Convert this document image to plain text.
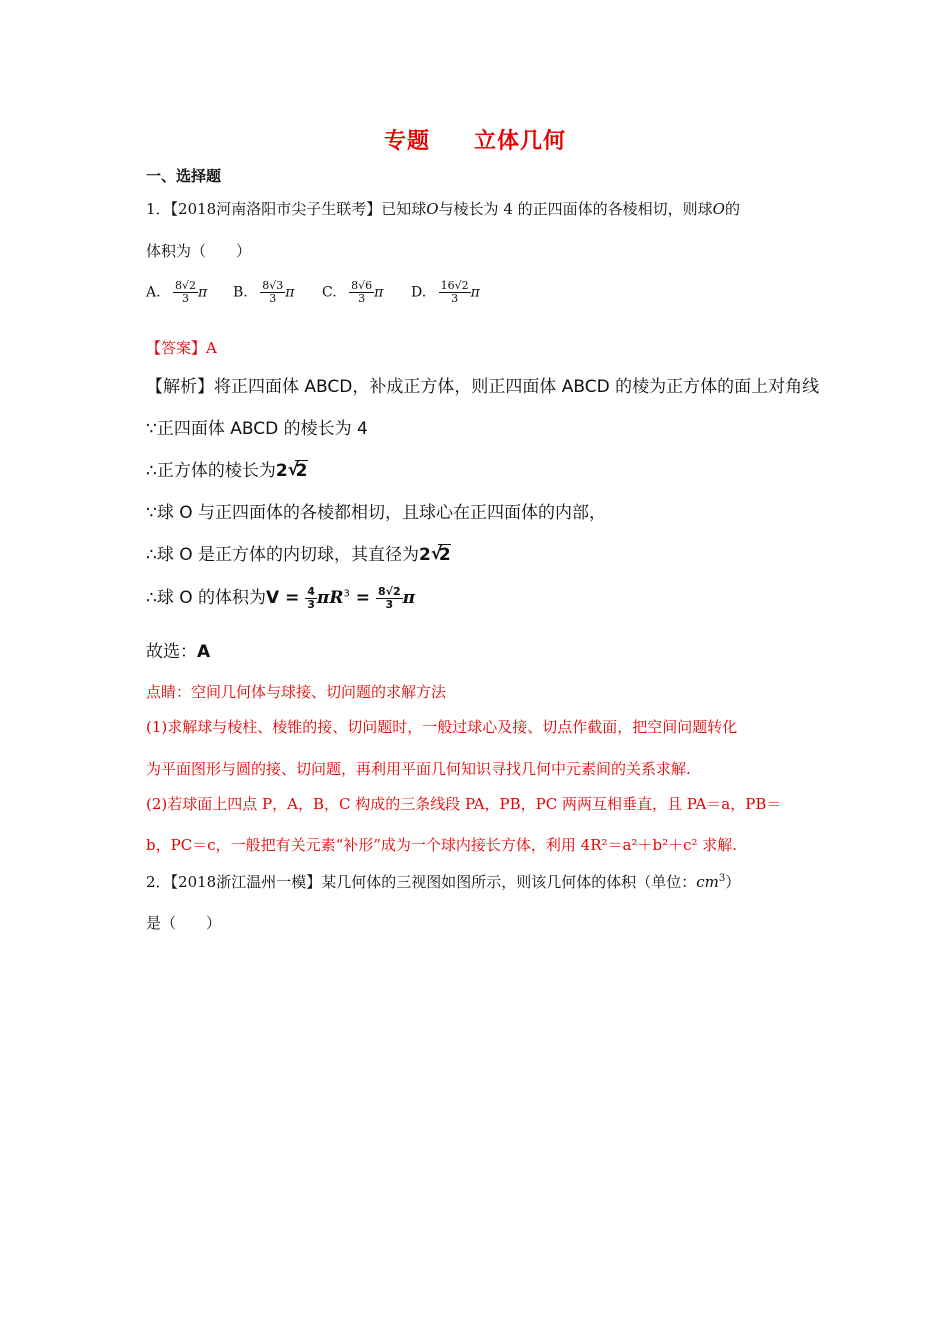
专题 立体几何
一、选择题
1．【2018河南洛阳市尖子生联考】已知球O与棱长为 4 的正四面体的各棱相切，则球O的
体积为（　　）
A. $\frac{8√2}{3}$ π B. $\frac{8√3}{3}$ π C. $\frac{8√6}{3}$ π D. $\frac{16√2}{3}$ π
【答案】A
【解析】将正四面体 ABCD，补成正方体，则正四面体 ABCD 的棱为正方体的面上对角线
∵正四面体 ABCD 的棱长为 4
∴正方体的棱长为2 √
2
∵球 O 与正四面体的各棱都相切，且球心在正四面体的内部，
∴球 O 是正方体的内切球，其直径为2 √
2
∴球 O 的体积为$V = \frac{4}{3} \pi R^3 = \frac{8√2}{3}$ π
故选：A
点睛：空间几何体与球接、切问题的求解方法
(1)求解球与棱柱、棱锥的接、切问题时，一般过球心及接、切点作截面，把空间问题转化
为平面图形与圆的接、切问题，再利用平面几何知识寻找几何中元素间的关系求解.
(2)若球面上四点 P，A，B，C 构成的三条线段 PA，PB，PC 两两互相垂直，且 PA＝a，PB＝
b，PC＝c，一般把有关元素“补形”成为一个球内接长方体，利用 4R²＝a²＋b²＋c² 求解.
2．【2018浙江温州一模】某几何体的三视图如图所示，则该几何体的体积（单位：$cm^3$）
是（　　）
